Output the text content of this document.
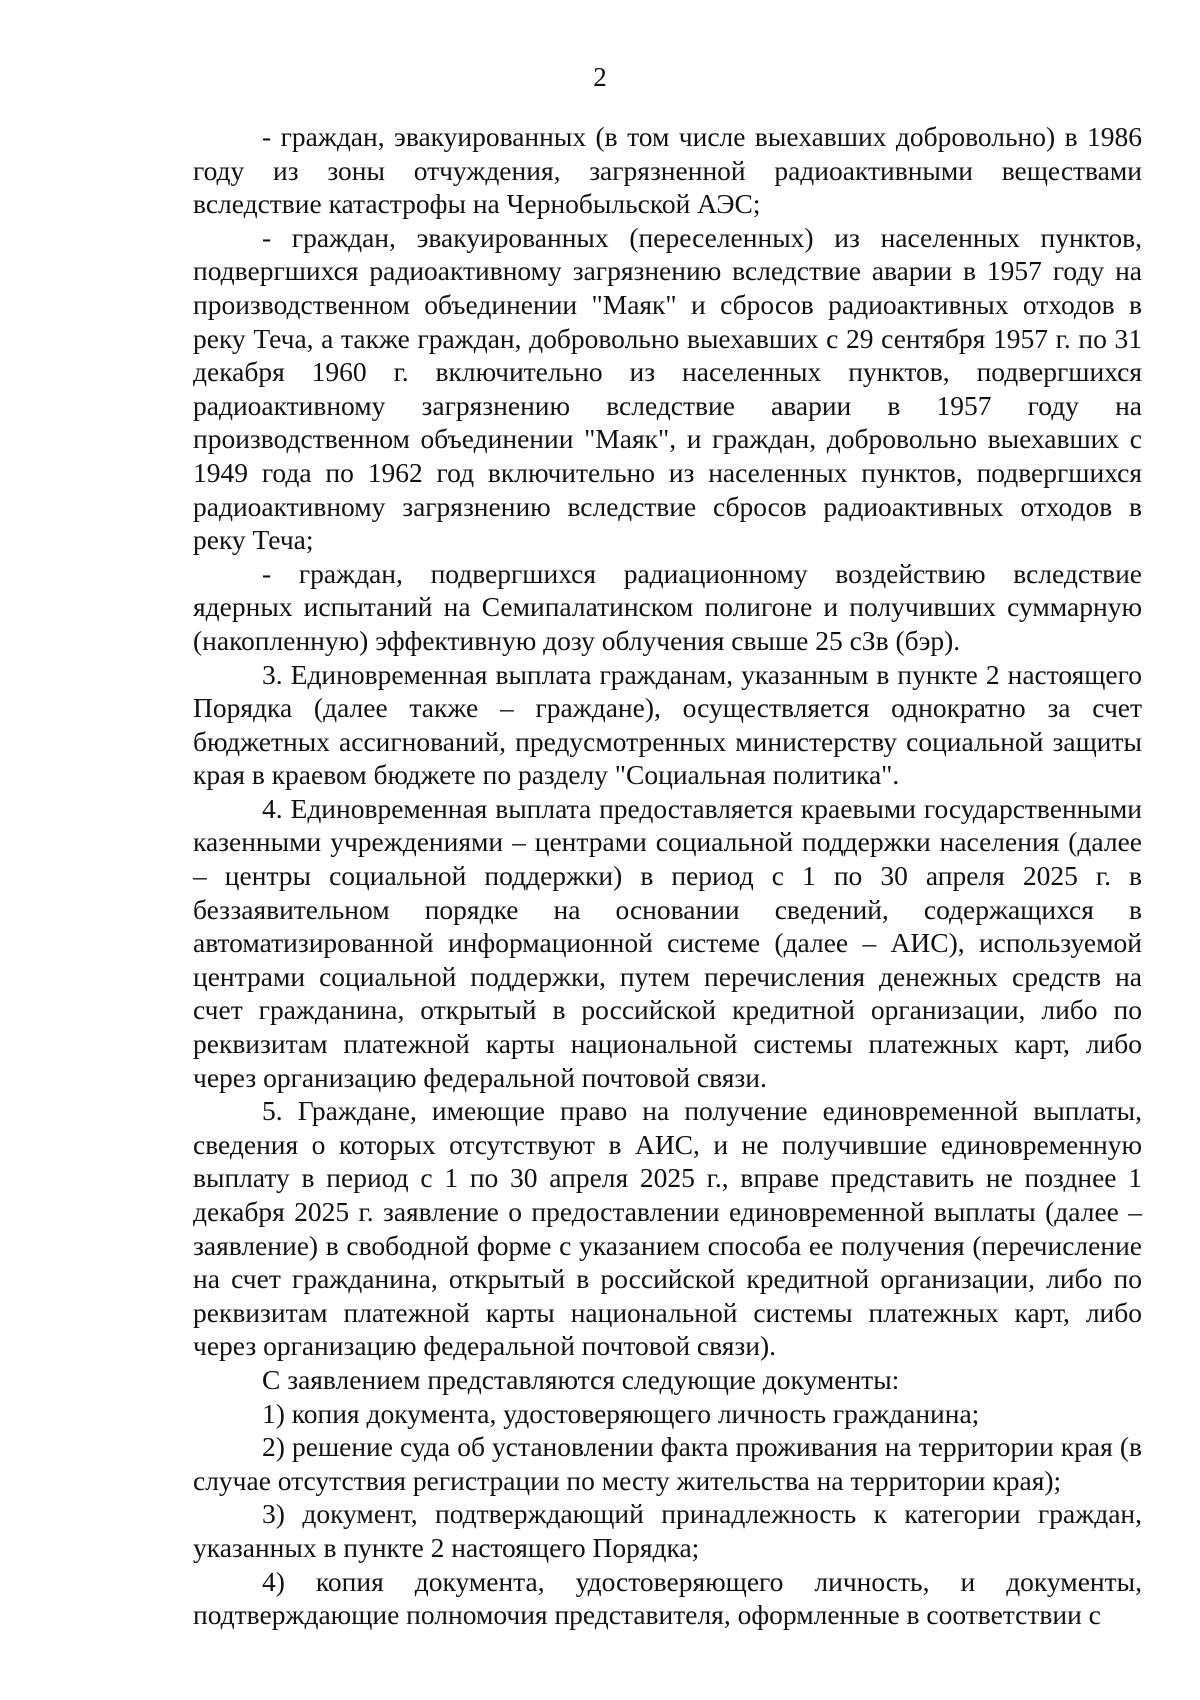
2

- граждан, эвакуированных (в том числе выехавших добровольно) в 1986 году из зоны отчуждения, загрязненной радиоактивными веществами вследствие катастрофы на Чернобыльской АЭС;

- граждан, эвакуированных (переселенных) из населенных пунктов, подвергшихся радиоактивному загрязнению вследствие аварии в 1957 году на производственном объединении "Маяк" и сбросов радиоактивных отходов в реку Теча, а также граждан, добровольно выехавших с 29 сентября 1957 г. по 31 декабря 1960 г. включительно из населенных пунктов, подвергшихся радиоактивному загрязнению вследствие аварии в 1957 году на производственном объединении "Маяк", и граждан, добровольно выехавших с 1949 года по 1962 год включительно из населенных пунктов, подвергшихся радиоактивному загрязнению вследствие сбросов радиоактивных отходов в реку Теча;

- граждан, подвергшихся радиационному воздействию вследствие ядерных испытаний на Семипалатинском полигоне и получивших суммарную (накопленную) эффективную дозу облучения свыше 25 сЗв (бэр).

3. Единовременная выплата гражданам, указанным в пункте 2 настоящего Порядка (далее также – граждане), осуществляется однократно за счет бюджетных ассигнований, предусмотренных министерству социальной защиты края в краевом бюджете по разделу "Социальная политика".

4. Единовременная выплата предоставляется краевыми государственными казенными учреждениями – центрами социальной поддержки населения (далее – центры социальной поддержки) в период с 1 по 30 апреля 2025 г. в беззаявительном порядке на основании сведений, содержащихся в автоматизированной информационной системе (далее – АИС), используемой центрами социальной поддержки, путем перечисления денежных средств на счет гражданина, открытый в российской кредитной организации, либо по реквизитам платежной карты национальной системы платежных карт, либо через организацию федеральной почтовой связи.

5. Граждане, имеющие право на получение единовременной выплаты, сведения о которых отсутствуют в АИС, и не получившие единовременную выплату в период с 1 по 30 апреля 2025 г., вправе представить не позднее 1 декабря 2025 г. заявление о предоставлении единовременной выплаты (далее – заявление) в свободной форме с указанием способа ее получения (перечисление на счет гражданина, открытый в российской кредитной организации, либо по реквизитам платежной карты национальной системы платежных карт, либо через организацию федеральной почтовой связи).

С заявлением представляются следующие документы:

1) копия документа, удостоверяющего личность гражданина;

2) решение суда об установлении факта проживания на территории края (в случае отсутствия регистрации по месту жительства на территории края);

3) документ, подтверждающий принадлежность к категории граждан, указанных в пункте 2 настоящего Порядка;

4) копия документа, удостоверяющего личность, и документы, подтверждающие полномочия представителя, оформленные в соответствии с
